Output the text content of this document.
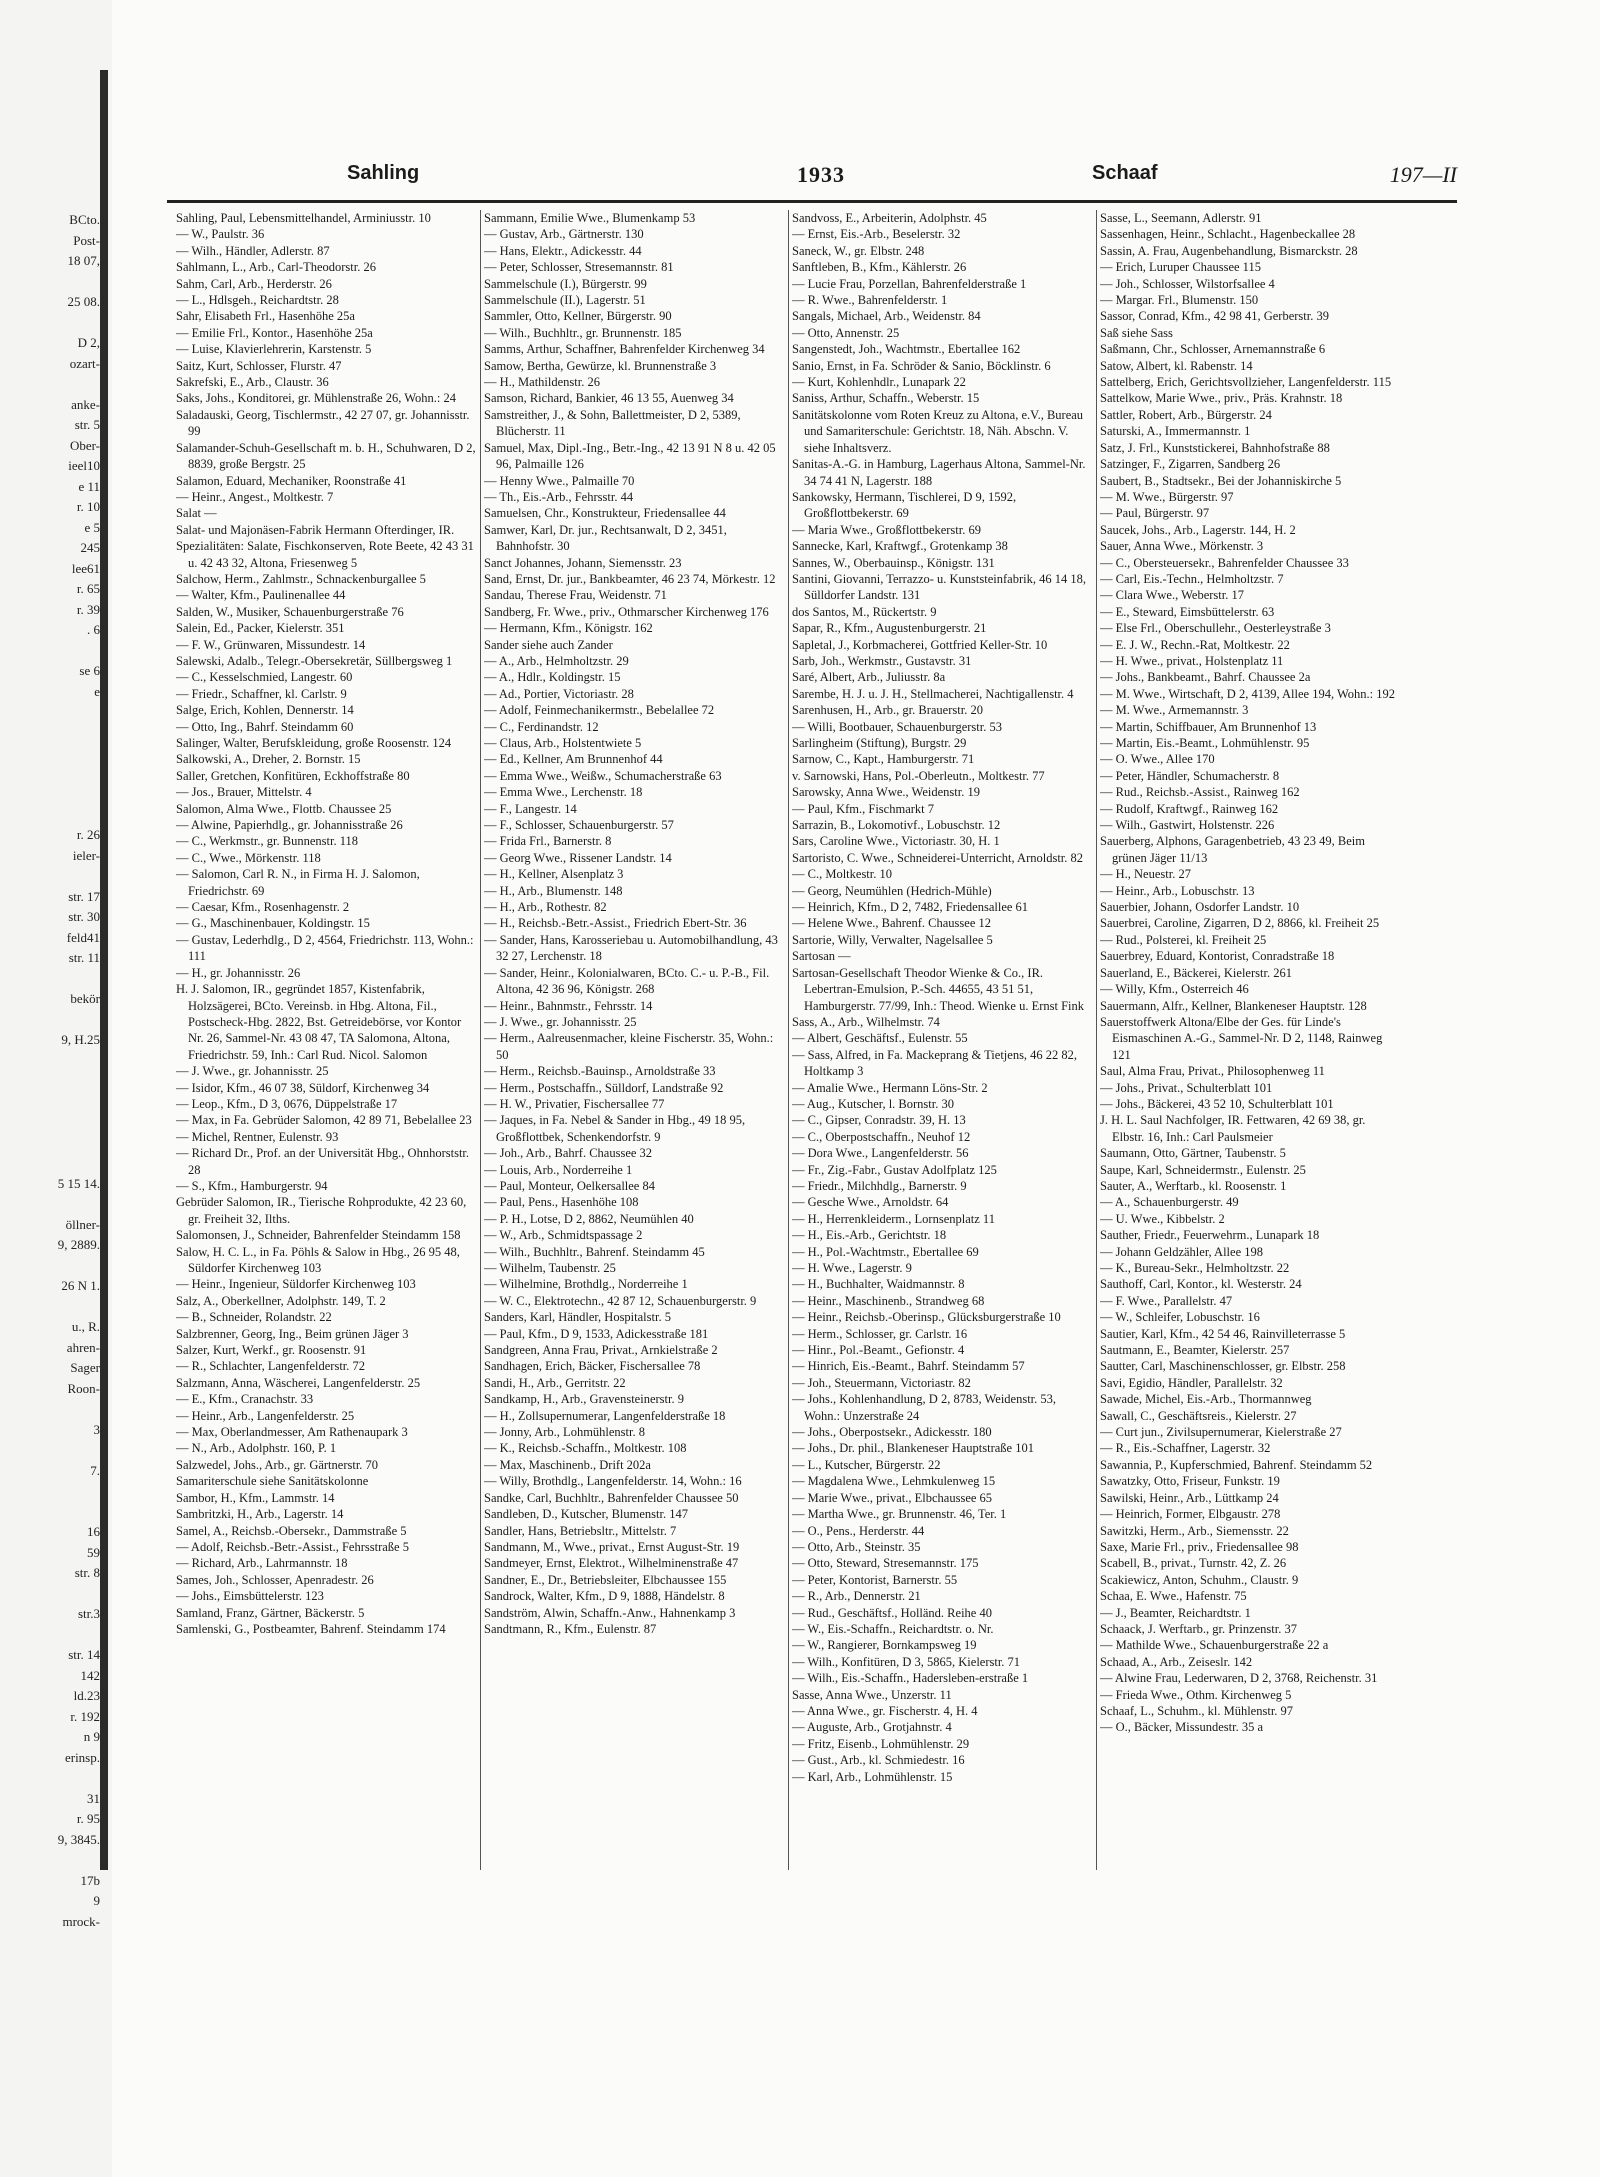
BCto.
Post-
18 07,
25 08.
D 2,
ozart-
anke-
str. 5
Ober-
ieel10
e 11
r. 10
e 5
245
lee61
r. 65
r. 39
. 6
se 6
e
r. 26
ieler-
str. 17
str. 30
feld41
str. 11
bekör
9, H.25
5 15 14.
öllner-
9, 2889.
26 N 1.
u., R.
ahren-
Sager
Roon-
3
7.
16
59
str. 8
str.3
str. 14
142
ld.23
r. 192
n 9
erinsp.
31
r. 95
9, 3845.
17b
9
mrock-
Sahling	1933	Schaaf	197—II

Sahling, Paul, Lebensmittelhandel, Arminiusstr. 10

— W., Paulstr. 36

— Wilh., Händler, Adlerstr. 87

Sahlmann, L., Arb., Carl-Theodorstr. 26

Sahm, Carl, Arb., Herderstr. 26

— L., Hdlsgeh., Reichardtstr. 28

Sahr, Elisabeth Frl., Hasenhöhe 25a

— Emilie Frl., Kontor., Hasenhöhe 25a

— Luise, Klavierlehrerin, Karstenstr. 5

Saitz, Kurt, Schlosser, Flurstr. 47

Sakrefski, E., Arb., Claustr. 36

Saks, Johs., Konditorei, gr. Mühlenstraße 26, Wohn.: 24

Saladauski, Georg, Tischlermstr., 42 27 07, gr. Johannisstr. 99

Salamander-Schuh-Gesellschaft m. b. H., Schuhwaren, D 2, 8839, große Bergstr. 25

Salamon, Eduard, Mechaniker, Roonstraße 41

— Heinr., Angest., Moltkestr. 7

Salat —

Salat- und Majonäsen-Fabrik Hermann Ofterdinger, IR.

Spezialitäten: Salate, Fischkonserven, Rote Beete, 42 43 31 u. 42 43 32, Altona, Friesenweg 5

Salchow, Herm., Zahlmstr., Schnackenburgallee 5

— Walter, Kfm., Paulinenallee 44

Salden, W., Musiker, Schauenburgerstraße 76

Salein, Ed., Packer, Kielerstr. 351

— F. W., Grünwaren, Missundestr. 14

Salewski, Adalb., Telegr.-Obersekretär, Süllbergsweg 1

— C., Kesselschmied, Langestr. 60

— Friedr., Schaffner, kl. Carlstr. 9

Salge, Erich, Kohlen, Dennerstr. 14

— Otto, Ing., Bahrf. Steindamm 60

Salinger, Walter, Berufskleidung, große Roosenstr. 124

Salkowski, A., Dreher, 2. Bornstr. 15

Saller, Gretchen, Konfitüren, Eckhoffstraße 80

— Jos., Brauer, Mittelstr. 4

Salomon, Alma Wwe., Flottb. Chaussee 25

— Alwine, Papierhdlg., gr. Johannisstraße 26

— C., Werkmstr., gr. Bunnenstr. 118

— C., Wwe., Mörkenstr. 118

— Salomon, Carl R. N., in Firma H. J. Salomon, Friedrichstr. 69

— Caesar, Kfm., Rosenhagenstr. 2

— G., Maschinenbauer, Koldingstr. 15

— Gustav, Lederhdlg., D 2, 4564, Friedrichstr. 113, Wohn.: 111

— H., gr. Johannisstr. 26

H. J. Salomon, IR., gegründet 1857, Kistenfabrik, Holzsägerei, BCto. Vereinsb. in Hbg. Altona, Fil., Postscheck-Hbg. 2822, Bst. Getreidebörse, vor Kontor Nr. 26, Sammel-Nr. 43 08 47, TA Salomona, Altona, Friedrichstr. 59, Inh.: Carl Rud. Nicol. Salomon

— J. Wwe., gr. Johannisstr. 25

— Isidor, Kfm., 46 07 38, Süldorf, Kirchenweg 34

— Leop., Kfm., D 3, 0676, Düppelstraße 17

— Max, in Fa. Gebrüder Salomon, 42 89 71, Bebelallee 23

— Michel, Rentner, Eulenstr. 93

— Richard Dr., Prof. an der Universität Hbg., Ohnhorststr. 28

— S., Kfm., Hamburgerstr. 94

Gebrüder Salomon, IR., Tierische Rohprodukte, 42 23 60, gr. Freiheit 32, Ilths.

Salomonsen, J., Schneider, Bahrenfelder Steindamm 158

Salow, H. C. L., in Fa. Pöhls & Salow in Hbg., 26 95 48, Süldorfer Kirchenweg 103

— Heinr., Ingenieur, Süldorfer Kirchenweg 103

Salz, A., Oberkellner, Adolphstr. 149, T. 2

— B., Schneider, Rolandstr. 22

Salzbrenner, Georg, Ing., Beim grünen Jäger 3

Salzer, Kurt, Werkf., gr. Roosenstr. 91

— R., Schlachter, Langenfelderstr. 72

Salzmann, Anna, Wäscherei, Langenfelderstr. 25

— E., Kfm., Cranachstr. 33

— Heinr., Arb., Langenfelderstr. 25

— Max, Oberlandmesser, Am Rathenaupark 3

— N., Arb., Adolphstr. 160, P. 1

Salzwedel, Johs., Arb., gr. Gärtnerstr. 70

Samariterschule siehe Sanitätskolonne

Sambor, H., Kfm., Lammstr. 14

Sambritzki, H., Arb., Lagerstr. 14

Samel, A., Reichsb.-Obersekr., Dammstraße 5

— Adolf, Reichsb.-Betr.-Assist., Fehrsstraße 5

— Richard, Arb., Lahrmannstr. 18

Sames, Joh., Schlosser, Apenradestr. 26

— Johs., Eimsbüttelerstr. 123

Samland, Franz, Gärtner, Bäckerstr. 5

Samlenski, G., Postbeamter, Bahrenf. Steindamm 174

Sammann, Emilie Wwe., Blumenkamp 53

— Gustav, Arb., Gärtnerstr. 130

— Hans, Elektr., Adickesstr. 44

— Peter, Schlosser, Stresemannstr. 81

Sammelschule (I.), Bürgerstr. 99

Sammelschule (II.), Lagerstr. 51

Sammler, Otto, Kellner, Bürgerstr. 90

— Wilh., Buchhltr., gr. Brunnenstr. 185

Samms, Arthur, Schaffner, Bahrenfelder Kirchenweg 34

Samow, Bertha, Gewürze, kl. Brunnenstraße 3

— H., Mathildenstr. 26

Samson, Richard, Bankier, 46 13 55, Auenweg 34

Samstreither, J., & Sohn, Ballettmeister, D 2, 5389, Blücherstr. 11

Samuel, Max, Dipl.-Ing., Betr.-Ing., 42 13 91 N 8 u. 42 05 96, Palmaille 126

— Henny Wwe., Palmaille 70

— Th., Eis.-Arb., Fehrsstr. 44

Samuelsen, Chr., Konstrukteur, Friedensallee 44

Samwer, Karl, Dr. jur., Rechtsanwalt, D 2, 3451, Bahnhofstr. 30

Sanct Johannes, Johann, Siemensstr. 23

Sand, Ernst, Dr. jur., Bankbeamter, 46 23 74, Mörkestr. 12

Sandau, Therese Frau, Weidenstr. 71

Sandberg, Fr. Wwe., priv., Othmarscher Kirchenweg 176

— Hermann, Kfm., Königstr. 162

Sander siehe auch Zander

— A., Arb., Helmholtzstr. 29

— A., Hdlr., Koldingstr. 15

— Ad., Portier, Victoriastr. 28

— Adolf, Feinmechanikermstr., Bebelallee 72

— C., Ferdinandstr. 12

— Claus, Arb., Holstentwiete 5

— Ed., Kellner, Am Brunnenhof 44

— Emma Wwe., Weißw., Schumacherstraße 63

— Emma Wwe., Lerchenstr. 18

— F., Langestr. 14

— F., Schlosser, Schauenburgerstr. 57

— Frida Frl., Barnerstr. 8

— Georg Wwe., Rissener Landstr. 14

— H., Kellner, Alsenplatz 3

— H., Arb., Blumenstr. 148

— H., Arb., Rothestr. 82

— H., Reichsb.-Betr.-Assist., Friedrich Ebert-Str. 36

— Sander, Hans, Karosseriebau u. Automobilhandlung, 43 32 27, Lerchenstr. 18

— Sander, Heinr., Kolonialwaren, BCto. C.- u. P.-B., Fil. Altona, 42 36 96, Königstr. 268

— Heinr., Bahnmstr., Fehrsstr. 14

— J. Wwe., gr. Johannisstr. 25

— Herm., Aalreusenmacher, kleine Fischerstr. 35, Wohn.: 50

— Herm., Reichsb.-Bauinsp., Arnoldstraße 33

— Herm., Postschaffn., Sülldorf, Landstraße 92

— H. W., Privatier, Fischersallee 77

— Jaques, in Fa. Nebel & Sander in Hbg., 49 18 95, Großflottbek, Schenkendorfstr. 9

— Joh., Arb., Bahrf. Chaussee 32

— Louis, Arb., Norderreihe 1

— Paul, Monteur, Oelkersallee 84

— Paul, Pens., Hasenhöhe 108

— P. H., Lotse, D 2, 8862, Neumühlen 40

— W., Arb., Schmidtspassage 2

— Wilh., Buchhltr., Bahrenf. Steindamm 45

— Wilhelm, Taubenstr. 25

— Wilhelmine, Brothdlg., Norderreihe 1

— W. C., Elektrotechn., 42 87 12, Schauenburgerstr. 9

Sanders, Karl, Händler, Hospitalstr. 5

— Paul, Kfm., D 9, 1533, Adickesstraße 181

Sandgreen, Anna Frau, Privat., Arnkielstraße 2

Sandhagen, Erich, Bäcker, Fischersallee 78

Sandi, H., Arb., Gerritstr. 22

Sandkamp, H., Arb., Gravensteinerstr. 9

— H., Zollsupernumerar, Langenfelderstraße 18

— Jonny, Arb., Lohmühlenstr. 8

— K., Reichsb.-Schaffn., Moltkestr. 108

— Max, Maschinenb., Drift 202a

— Willy, Brothdlg., Langenfelderstr. 14, Wohn.: 16

Sandke, Carl, Buchhltr., Bahrenfelder Chaussee 50

Sandleben, D., Kutscher, Blumenstr. 147

Sandler, Hans, Betriebsltr., Mittelstr. 7

Sandmann, M., Wwe., privat., Ernst August-Str. 19

Sandmeyer, Ernst, Elektrot., Wilhelminenstraße 47

Sandner, E., Dr., Betriebsleiter, Elbchaussee 155

Sandrock, Walter, Kfm., D 9, 1888, Händelstr. 8

Sandström, Alwin, Schaffn.-Anw., Hahnenkamp 3

Sandtmann, R., Kfm., Eulenstr. 87

Sandvoss, E., Arbeiterin, Adolphstr. 45

— Ernst, Eis.-Arb., Beselerstr. 32

Saneck, W., gr. Elbstr. 248

Sanftleben, B., Kfm., Kählerstr. 26

— Lucie Frau, Porzellan, Bahrenfelderstraße 1

— R. Wwe., Bahrenfelderstr. 1

Sangals, Michael, Arb., Weidenstr. 84

— Otto, Annenstr. 25

Sangenstedt, Joh., Wachtmstr., Ebertallee 162

Sanio, Ernst, in Fa. Schröder & Sanio, Böcklinstr. 6

— Kurt, Kohlenhdlr., Lunapark 22

Saniss, Arthur, Schaffn., Weberstr. 15

Sanitätskolonne vom Roten Kreuz zu Altona, e.V., Bureau und Samariterschule: Gerichtstr. 18, Näh. Abschn. V. siehe Inhaltsverz.

Sanitas-A.-G. in Hamburg, Lagerhaus Altona, Sammel-Nr. 34 74 41 N, Lagerstr. 188

Sankowsky, Hermann, Tischlerei, D 9, 1592, Großflottbekerstr. 69

— Maria Wwe., Großflottbekerstr. 69

Sannecke, Karl, Kraftwgf., Grotenkamp 38

Sannes, W., Oberbauinsp., Königstr. 131

Santini, Giovanni, Terrazzo- u. Kunststeinfabrik, 46 14 18, Sülldorfer Landstr. 131

dos Santos, M., Rückertstr. 9

Sapar, R., Kfm., Augustenburgerstr. 21

Sapletal, J., Korbmacherei, Gottfried Keller-Str. 10

Sarb, Joh., Werkmstr., Gustavstr. 31

Saré, Albert, Arb., Juliusstr. 8a

Sarembe, H. J. u. J. H., Stellmacherei, Nachtigallenstr. 4

Sarenhusen, H., Arb., gr. Brauerstr. 20

— Willi, Bootbauer, Schauenburgerstr. 53

Sarlingheim (Stiftung), Burgstr. 29

Sarnow, C., Kapt., Hamburgerstr. 71

v. Sarnowski, Hans, Pol.-Oberleutn., Moltkestr. 77

Sarowsky, Anna Wwe., Weidenstr. 19

— Paul, Kfm., Fischmarkt 7

Sarrazin, B., Lokomotivf., Lobuschstr. 12

Sars, Caroline Wwe., Victoriastr. 30, H. 1

Sartoristo, C. Wwe., Schneiderei-Unterricht, Arnoldstr. 82

— C., Moltkestr. 10

— Georg, Neumühlen (Hedrich-Mühle)

— Heinrich, Kfm., D 2, 7482, Friedensallee 61

— Helene Wwe., Bahrenf. Chaussee 12

Sartorie, Willy, Verwalter, Nagelsallee 5

Sartosan —

Sartosan-Gesellschaft Theodor Wienke & Co., IR. Lebertran-Emulsion, P.-Sch. 44655, 43 51 51, Hamburgerstr. 77/99, Inh.: Theod. Wienke u. Ernst Fink

Sass, A., Arb., Wilhelmstr. 74

— Albert, Geschäftsf., Eulenstr. 55

— Sass, Alfred, in Fa. Mackeprang & Tietjens, 46 22 82, Holtkamp 3

— Amalie Wwe., Hermann Löns-Str. 2

— Aug., Kutscher, l. Bornstr. 30

— C., Gipser, Conradstr. 39, H. 13

— C., Oberpostschaffn., Neuhof 12

— Dora Wwe., Langenfelderstr. 56

— Fr., Zig.-Fabr., Gustav Adolfplatz 125

— Friedr., Milchhdlg., Barnerstr. 9

— Gesche Wwe., Arnoldstr. 64

— H., Herrenkleiderm., Lornsenplatz 11

— H., Eis.-Arb., Gerichtstr. 18

— H., Pol.-Wachtmstr., Ebertallee 69

— H. Wwe., Lagerstr. 9

— H., Buchhalter, Waidmannstr. 8

— Heinr., Maschinenb., Strandweg 68

— Heinr., Reichsb.-Oberinsp., Glücksburgerstraße 10

— Herm., Schlosser, gr. Carlstr. 16

— Hinr., Pol.-Beamt., Gefionstr. 4

— Hinrich, Eis.-Beamt., Bahrf. Steindamm 57

— Joh., Steuermann, Victoriastr. 82

— Johs., Kohlenhandlung, D 2, 8783, Weidenstr. 53, Wohn.: Unzerstraße 24

— Johs., Oberpostsekr., Adickesstr. 180

— Johs., Dr. phil., Blankeneser Hauptstraße 101

— L., Kutscher, Bürgerstr. 22

— Magdalena Wwe., Lehmkulenweg 15

— Marie Wwe., privat., Elbchaussee 65

— Martha Wwe., gr. Brunnenstr. 46, Ter. 1

— O., Pens., Herderstr. 44

— Otto, Arb., Steinstr. 35

— Otto, Steward, Stresemannstr. 175

— Peter, Kontorist, Barnerstr. 55

— R., Arb., Dennerstr. 21

— Rud., Geschäftsf., Holländ. Reihe 40

— W., Eis.-Schaffn., Reichardtstr. o. Nr.

— W., Rangierer, Bornkampsweg 19

— Wilh., Konfitüren, D 3, 5865, Kielerstr. 71

— Wilh., Eis.-Schaffn., Hadersleben-erstraße 1

Sasse, Anna Wwe., Unzerstr. 11

— Anna Wwe., gr. Fischerstr. 4, H. 4

— Auguste, Arb., Grotjahnstr. 4

— Fritz, Eisenb., Lohmühlenstr. 29

— Gust., Arb., kl. Schmiedestr. 16

— Karl, Arb., Lohmühlenstr. 15

Sasse, L., Seemann, Adlerstr. 91

Sassenhagen, Heinr., Schlacht., Hagenbeckallee 28

Sassin, A. Frau, Augenbehandlung, Bismarckstr. 28

— Erich, Luruper Chaussee 115

— Joh., Schlosser, Wilstorfsallee 4

— Margar. Frl., Blumenstr. 150

Sassor, Conrad, Kfm., 42 98 41, Gerberstr. 39

Saß siehe Sass

Saßmann, Chr., Schlosser, Arnemannstraße 6

Satow, Albert, kl. Rabenstr. 14

Sattelberg, Erich, Gerichtsvollzieher, Langenfelderstr. 115

Sattelkow, Marie Wwe., priv., Präs. Krahnstr. 18

Sattler, Robert, Arb., Bürgerstr. 24

Saturski, A., Immermannstr. 1

Satz, J. Frl., Kunststickerei, Bahnhofstraße 88

Satzinger, F., Zigarren, Sandberg 26

Saubert, B., Stadtsekr., Bei der Johanniskirche 5

— M. Wwe., Bürgerstr. 97

— Paul, Bürgerstr. 97

Saucek, Johs., Arb., Lagerstr. 144, H. 2

Sauer, Anna Wwe., Mörkenstr. 3

— C., Obersteuersekr., Bahrenfelder Chaussee 33

— Carl, Eis.-Techn., Helmholtzstr. 7

— Clara Wwe., Weberstr. 17

— E., Steward, Eimsbüttelerstr. 63

— Else Frl., Oberschullehr., Oesterleystraße 3

— E. J. W., Rechn.-Rat, Moltkestr. 22

— H. Wwe., privat., Holstenplatz 11

— Johs., Bankbeamt., Bahrf. Chaussee 2a

— M. Wwe., Wirtschaft, D 2, 4139, Allee 194, Wohn.: 192

— M. Wwe., Armemannstr. 3

— Martin, Schiffbauer, Am Brunnenhof 13

— Martin, Eis.-Beamt., Lohmühlenstr. 95

— O. Wwe., Allee 170

— Peter, Händler, Schumacherstr. 8

— Rud., Reichsb.-Assist., Rainweg 162

— Rudolf, Kraftwgf., Rainweg 162

— Wilh., Gastwirt, Holstenstr. 226

Sauerberg, Alphons, Garagenbetrieb, 43 23 49, Beim grünen Jäger 11/13

— H., Neuestr. 27

— Heinr., Arb., Lobuschstr. 13

Sauerbier, Johann, Osdorfer Landstr. 10

Sauerbrei, Caroline, Zigarren, D 2, 8866, kl. Freiheit 25

— Rud., Polsterei, kl. Freiheit 25

Sauerbrey, Eduard, Kontorist, Conradstraße 18

Sauerland, E., Bäckerei, Kielerstr. 261

— Willy, Kfm., Osterreich 46

Sauermann, Alfr., Kellner, Blankeneser Hauptstr. 128

Sauerstoffwerk Altona/Elbe der Ges. für Linde's Eismaschinen A.-G., Sammel-Nr. D 2, 1148, Rainweg 121

Saul, Alma Frau, Privat., Philosophenweg 11

— Johs., Privat., Schulterblatt 101

— Johs., Bäckerei, 43 52 10, Schulterblatt 101

J. H. L. Saul Nachfolger, IR. Fettwaren, 42 69 38, gr. Elbstr. 16, Inh.: Carl Paulsmeier

Saumann, Otto, Gärtner, Taubenstr. 5

Saupe, Karl, Schneidermstr., Eulenstr. 25

Sauter, A., Werftarb., kl. Roosenstr. 1

— A., Schauenburgerstr. 49

— U. Wwe., Kibbelstr. 2

Sauther, Friedr., Feuerwehrm., Lunapark 18

— Johann Geldzähler, Allee 198

— K., Bureau-Sekr., Helmholtzstr. 22

Sauthoff, Carl, Kontor., kl. Westerstr. 24

— F. Wwe., Parallelstr. 47

— W., Schleifer, Lobuschstr. 16

Sautier, Karl, Kfm., 42 54 46, Rainvilleterrasse 5

Sautmann, E., Beamter, Kielerstr. 257

Sautter, Carl, Maschinenschlosser, gr. Elbstr. 258

Savi, Egidio, Händler, Parallelstr. 32

Sawade, Michel, Eis.-Arb., Thormannweg

Sawall, C., Geschäftsreis., Kielerstr. 27

— Curt jun., Zivilsupernumerar, Kielerstraße 27

— R., Eis.-Schaffner, Lagerstr. 32

Sawannia, P., Kupferschmied, Bahrenf. Steindamm 52

Sawatzky, Otto, Friseur, Funkstr. 19

Sawilski, Heinr., Arb., Lüttkamp 24

— Heinrich, Former, Elbgaustr. 278

Sawitzki, Herm., Arb., Siemensstr. 22

Saxe, Marie Frl., priv., Friedensallee 98

Scabell, B., privat., Turnstr. 42, Z. 26

Scakiewicz, Anton, Schuhm., Claustr. 9

Schaa, E. Wwe., Hafenstr. 75

— J., Beamter, Reichardtstr. 1

Schaack, J. Werftarb., gr. Prinzenstr. 37

— Mathilde Wwe., Schauenburgerstraße 22 a

Schaad, A., Arb., Zeiseslr. 142

— Alwine Frau, Lederwaren, D 2, 3768, Reichenstr. 31

— Frieda Wwe., Othm. Kirchenweg 5

Schaaf, L., Schuhm., kl. Mühlenstr. 97

— O., Bäcker, Missundestr. 35 a
